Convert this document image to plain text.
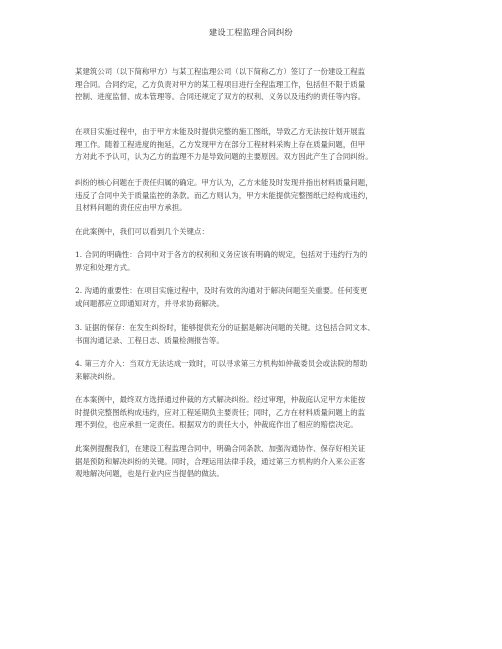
建设工程监理合同纠纷

某建筑公司（以下简称甲方）与某工程监理公司（以下简称乙方）签订了一份建设工程监
理合同。合同约定，乙方负责对甲方的某工程项目进行全程监理工作，包括但不限于质量
控制、进度监督、成本管理等。合同还规定了双方的权利、义务以及违约的责任等内容。

在项目实施过程中，由于甲方未能及时提供完整的施工图纸，导致乙方无法按计划开展监
理工作。随着工程进度的拖延，乙方发现甲方在部分工程材料采购上存在质量问题，但甲
方对此不予认可，认为乙方的监理不力是导致问题的主要原因。双方因此产生了合同纠纷。

纠纷的核心问题在于责任归属的确定。甲方认为，乙方未能及时发现并指出材料质量问题，
违反了合同中关于质量监控的条款。而乙方则认为，甲方未能提供完整图纸已经构成违约，
且材料问题的责任应由甲方承担。

在此案例中，我们可以看到几个关键点：

1. 合同的明确性：合同中对于各方的权利和义务应该有明确的规定，包括对于违约行为的
界定和处理方式。

2. 沟通的重要性：在项目实施过程中，及时有效的沟通对于解决问题至关重要。任何变更
或问题都应立即通知对方，并寻求协商解决。

3. 证据的保存：在发生纠纷时，能够提供充分的证据是解决问题的关键。这包括合同文本、
书面沟通记录、工程日志、质量检测报告等。

4. 第三方介入：当双方无法达成一致时，可以寻求第三方机构如仲裁委员会或法院的帮助
来解决纠纷。

在本案例中，最终双方选择通过仲裁的方式解决纠纷。经过审理，仲裁庭认定甲方未能按
时提供完整图纸构成违约，应对工程延期负主要责任；同时，乙方在材料质量问题上的监
理不到位，也应承担一定责任。根据双方的责任大小，仲裁庭作出了相应的赔偿决定。

此案例提醒我们，在建设工程监理合同中，明确合同条款、加强沟通协作、保存好相关证
据是预防和解决纠纷的关键。同时，合理运用法律手段，通过第三方机构的介入来公正客
观地解决问题，也是行业内应当提倡的做法。
